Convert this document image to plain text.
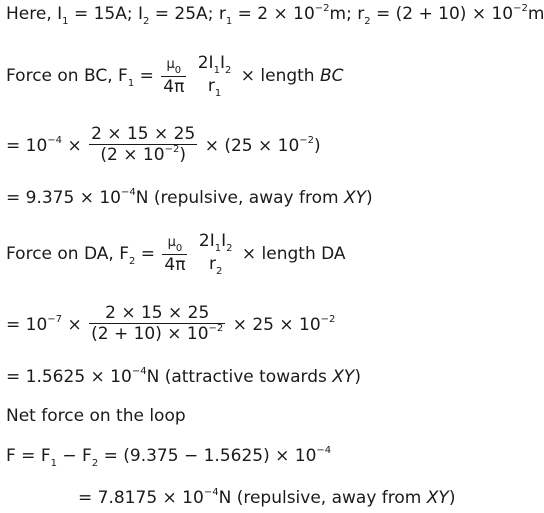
Here, $I_1 = 15A$; $I_2 = 25A$; $r_1 = 2 \times 10^{-2}m$; $r_2 = (2 + 10) \times 10^{-2}m$
Force on BC, $F_1 = \frac{\mu_0}{4\pi}$
$2I_1I_2$
$r_1$
× length BC
= $10^{-4} \times \frac{2 \times 15 \times 25}{(2 \times 10^{-2})} \times (25 \times 10^{-2})$
= $9.375 \times 10^{-4}N$ (repulsive, away from XY)
Force on DA, $F_2 = \frac{\mu_0}{4\pi}$
$2I_1I_2$
$r_2$
× length DA
= $10^{-7} \times \frac{2 \times 15 \times 25}{(2 + 10) \times 10^{-2}} \times 25 \times 10^{-2}$
= $1.5625 \times 10^{-4}N$ (attractive towards XY)
Net force on the loop
$F = F_1 - F_2 = (9.375 - 1.5625) \times 10^{-4}$
= $7.8175 \times 10^{-4}N$ (repulsive, away from XY)
